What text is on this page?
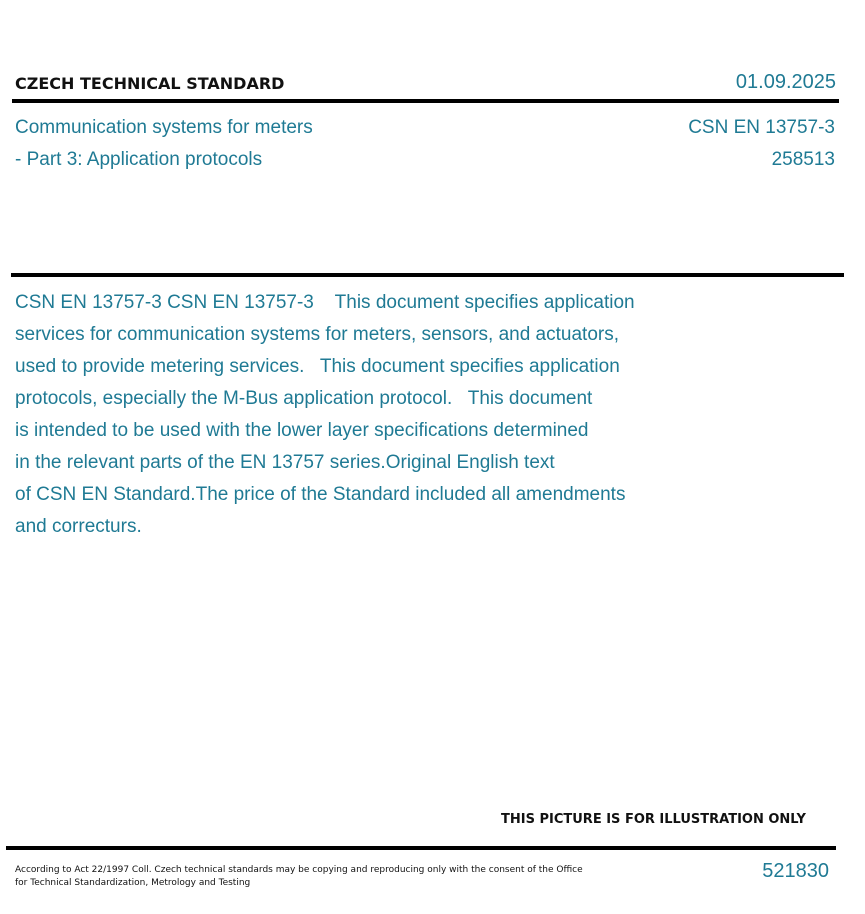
CZECH TECHNICAL STANDARD	01.09.2025
Communication systems for meters
- Part 3: Application protocols
CSN EN 13757-3
258513
CSN EN 13757-3 CSN EN 13757-3    This document specifies application
services for communication systems for meters, sensors, and actuators,
used to provide metering services.   This document specifies application
protocols, especially the M-Bus application protocol.   This document
is intended to be used with the lower layer specifications determined
in the relevant parts of the EN 13757 series.Original English text
of CSN EN Standard.The price of the Standard included all amendments
and correcturs.
THIS PICTURE IS FOR ILLUSTRATION ONLY
According to Act 22/1997 Coll. Czech technical standards may be copying and reproducing only with the consent of the Office
for Technical Standardization, Metrology and Testing
521830
